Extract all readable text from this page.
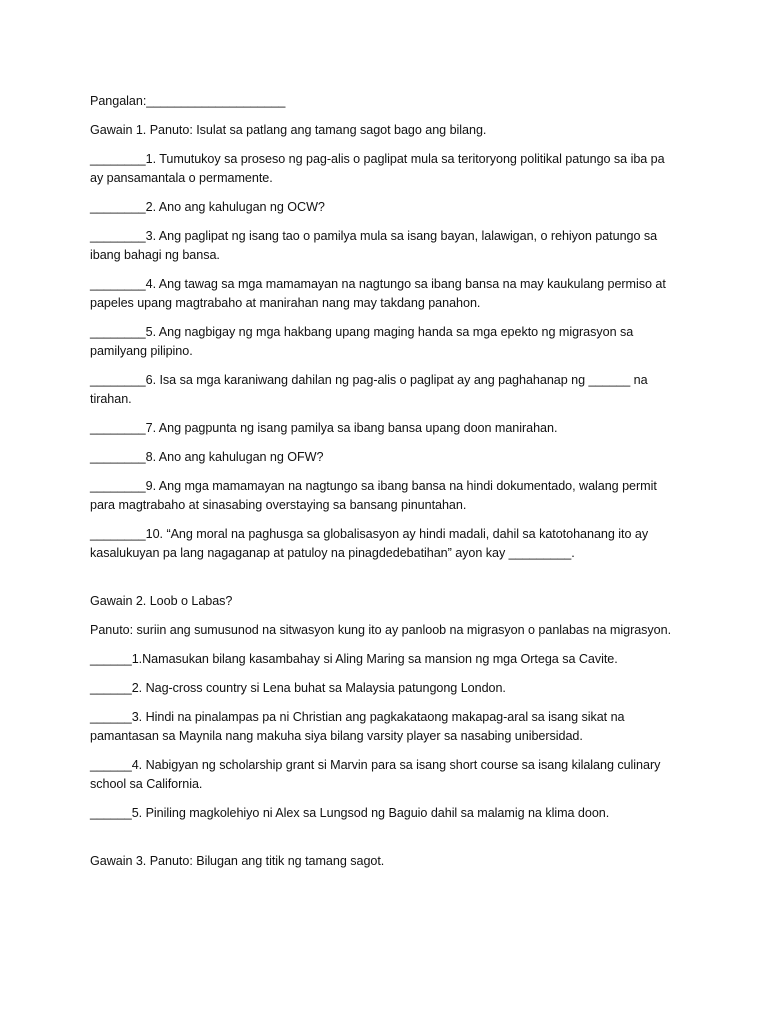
Pangalan:____________________

Gawain 1. Panuto: Isulat sa patlang ang tamang sagot bago ang bilang.

________1. Tumutukoy sa proseso ng pag-alis o paglipat mula sa teritoryong politikal patungo sa iba pa ay pansamantala o permamente.

________2. Ano ang kahulugan ng OCW?

________3. Ang paglipat ng isang tao o pamilya mula sa isang bayan, lalawigan, o rehiyon patungo sa ibang bahagi ng bansa.

________4. Ang tawag sa mga mamamayan na nagtungo sa ibang bansa na may kaukulang permiso at papeles upang magtrabaho at manirahan nang may takdang panahon.

________5. Ang nagbigay ng mga hakbang upang maging handa sa mga epekto ng migrasyon sa pamilyang pilipino.

________6. Isa sa mga karaniwang dahilan ng pag-alis o paglipat ay ang paghahanap ng ______ na tirahan.

________7. Ang pagpunta ng isang pamilya sa ibang bansa upang doon manirahan.

________8. Ano ang kahulugan ng OFW?

________9. Ang mga mamamayan na nagtungo sa ibang bansa na hindi dokumentado, walang permit para magtrabaho at sinasabing overstaying sa bansang pinuntahan.

________10. “Ang moral na paghusga sa globalisasyon ay hindi madali, dahil sa katotohanang ito ay kasalukuyan pa lang nagaganap at patuloy na pinagdedebatihan” ayon kay _________.

Gawain 2. Loob o Labas?

Panuto: suriin ang sumusunod na sitwasyon kung ito ay panloob na migrasyon o panlabas na migrasyon.

______1.Namasukan bilang kasambahay si Aling Maring sa mansion ng mga Ortega sa Cavite.

______2. Nag-cross country si Lena buhat sa Malaysia patungong London.

______3. Hindi na pinalampas pa ni Christian ang pagkakataong makapag-aral sa isang sikat na pamantasan sa Maynila nang makuha siya bilang varsity player sa nasabing unibersidad.

______4. Nabigyan ng scholarship grant si Marvin para sa isang short course sa isang kilalang culinary school sa California.

______5. Piniling magkolehiyo ni Alex sa Lungsod ng Baguio dahil sa malamig na klima doon.

Gawain 3. Panuto: Bilugan ang titik ng tamang sagot.
